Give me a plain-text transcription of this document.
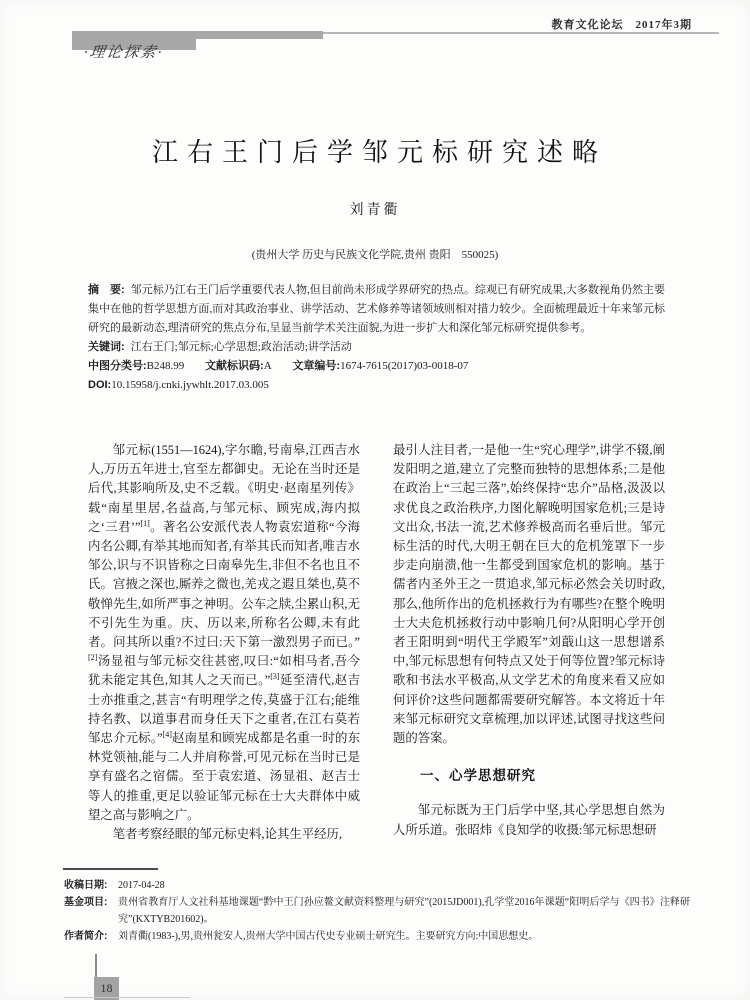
教育文化论坛　2017年3期
·理论探索·
江右王门后学邹元标研究述略
刘青衢
(贵州大学 历史与民族文化学院,贵州 贵阳　550025)

摘　要: 邹元标乃江右王门后学重要代表人物,但目前尚未形成学界研究的热点。综观已有研究成果,大多数视角仍然主要集中在他的哲学思想方面,而对其政治事业、讲学活动、艺术修养等诸领域则相对措力较少。全面梳理最近十年来邹元标研究的最新动态,理清研究的焦点分布,呈显当前学术关注面貌,为进一步扩大和深化邹元标研究提供参考。

关键词: 江右王门;邹元标;心学思想;政治活动;讲学活动

中图分类号:B248.99 文献标识码:A 文章编号:1674-7615(2017)03-0018-07

DOI:10.15958/j.cnki.jywhlt.2017.03.005

邹元标(1551—1624),字尔瞻,号南皋,江西吉水人,万历五年进士,官至左都御史。无论在当时还是后代,其影响所及,史不乏载。《明史·赵南星列传》载“南星里居,名益高,与邹元标、顾宪成,海内拟之‘三君’”[1]。著名公安派代表人物袁宏道称“今海内名公卿,有举其地而知者,有举其氏而知者,唯吉水邹公,识与不识皆称之曰南皋先生,非但不名也且不氏。宫掖之深也,厮养之微也,羌戎之遐且桀也,莫不敬惮先生,如所严事之神明。公车之牍,尘累山积,无不引先生为重。庆、历以来,所称名公卿,未有此者。问其所以重?不过曰:天下第一激烈男子而已。”[2]汤显祖与邹元标交往甚密,叹曰:“如相马者,吾今犹未能定其色,知其人之天而已。”[3]延至清代,赵吉士亦推重之,甚言“有明理学之传,莫盛于江右;能维持名教、以道事君而身任天下之重者,在江右莫若邹忠介元标。”[4]赵南星和顾宪成都是名重一时的东林党领袖,能与二人并肩称誉,可见元标在当时已是享有盛名之宿儒。至于袁宏道、汤显祖、赵吉士等人的推重,更足以验证邹元标在士大夫群体中威望之高与影响之广。

笔者考察经眼的邹元标史料,论其生平经历,

最引人注目者,一是他一生“究心理学”,讲学不辍,阐发阳明之道,建立了完整而独特的思想体系;二是他在政治上“三起三落”,始终保持“忠介”品格,汲汲以求优良之政治秩序,力图化解晚明国家危机;三是诗文出众,书法一流,艺术修养极高而名垂后世。邹元标生活的时代,大明王朝在巨大的危机笼罩下一步步走向崩溃,他一生都受到国家危机的影响。基于儒者内圣外王之一贯追求,邹元标必然会关切时政,那么,他所作出的危机拯救行为有哪些?在整个晚明士大夫危机拯救行动中影响几何?从阳明心学开创者王阳明到“明代王学殿军”刘蕺山这一思想谱系中,邹元标思想有何特点又处于何等位置?邹元标诗歌和书法水平极高,从文学艺术的角度来看又应如何评价?这些问题都需要研究解答。本文将近十年来邹元标研究文章梳理,加以评述,试图寻找这些问题的答案。

一、心学思想研究

邹元标既为王门后学中坚,其心学思想自然为人所乐道。张昭炜《良知学的收摄:邹元标思想研

收稿日期: 2017-04-28

基金项目: 贵州省教育厅人文社科基地课题“黔中王门孙应鳌文献资料整理与研究”(2015JD001),孔学堂2016年课题“阳明后学与《四书》注释研究”(KXTYB201602)。

作者简介: 刘青衢(1983-),男,贵州瓮安人,贵州大学中国古代史专业硕士研究生。主要研究方向:中国思想史。

18
